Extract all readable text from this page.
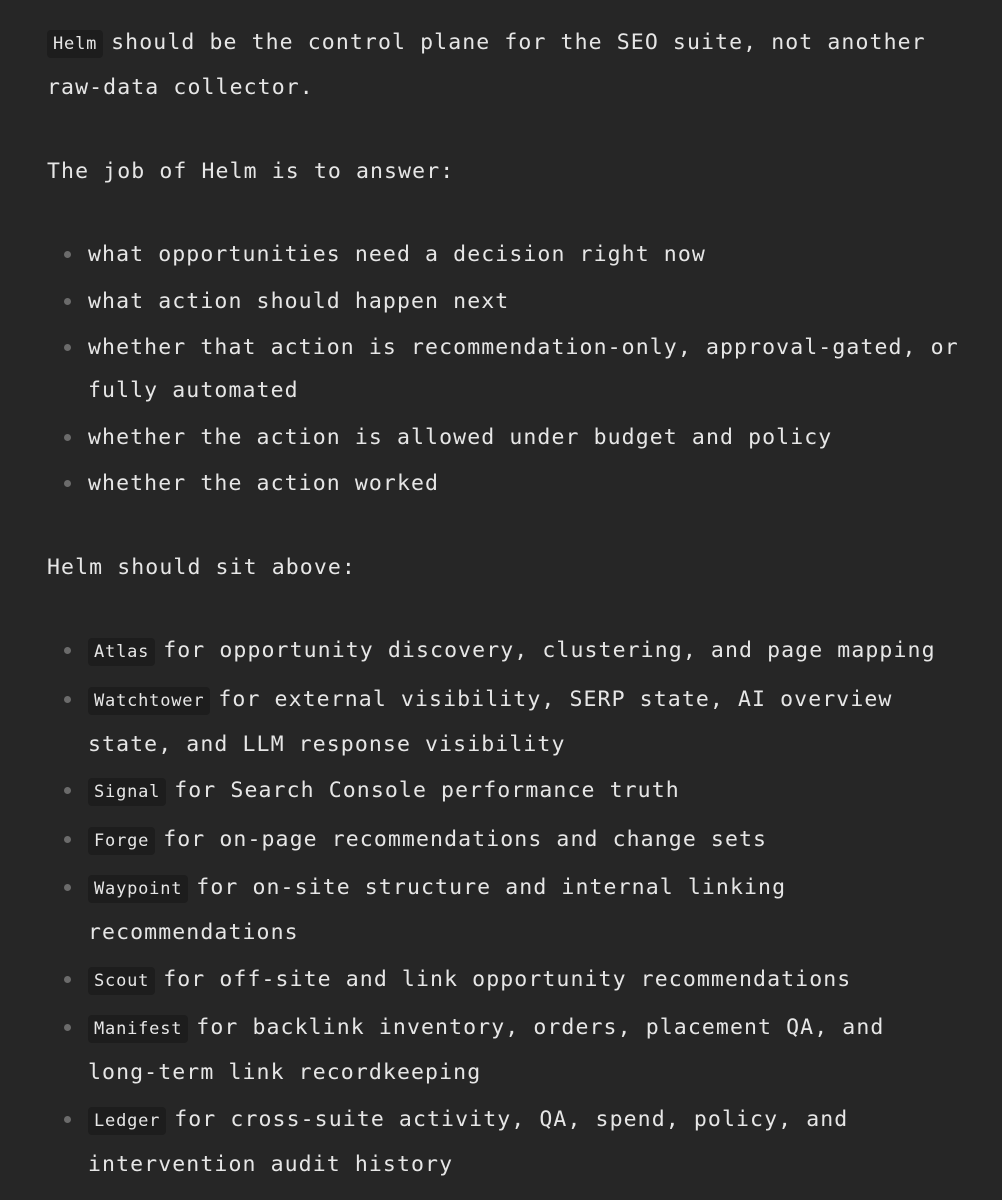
Helm should be the control plane for the SEO suite, not another raw-data collector.

The job of Helm is to answer:

what opportunities need a decision right now
what action should happen next
whether that action is recommendation-only, approval-gated, or fully automated
whether the action is allowed under budget and policy
whether the action worked

Helm should sit above:

Atlas for opportunity discovery, clustering, and page mapping
Watchtower for external visibility, SERP state, AI overview state, and LLM response visibility
Signal for Search Console performance truth
Forge for on-page recommendations and change sets
Waypoint for on-site structure and internal linking recommendations
Scout for off-site and link opportunity recommendations
Manifest for backlink inventory, orders, placement QA, and long-term link recordkeeping
Ledger for cross-suite activity, QA, spend, policy, and intervention audit history
